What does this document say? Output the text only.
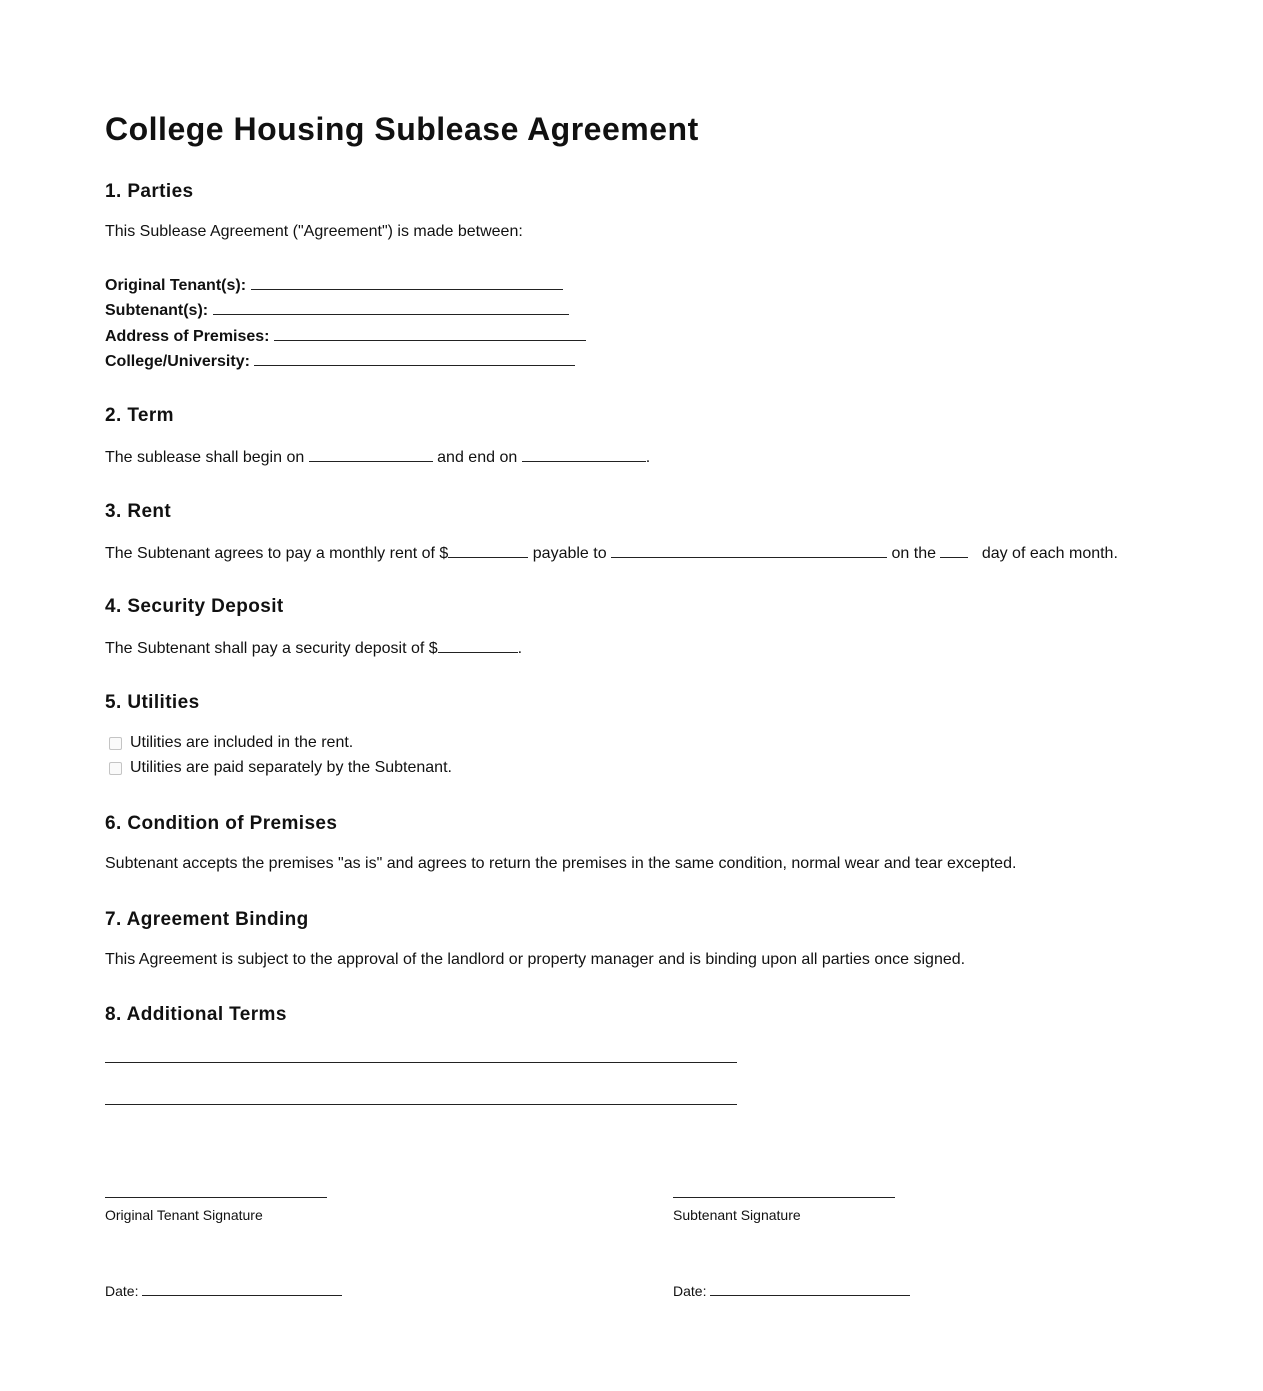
College Housing Sublease Agreement
1. Parties

This Sublease Agreement ("Agreement") is made between:

Original Tenant(s):
Subtenant(s):
Address of Premises:
College/University:
2. Term

The sublease shall begin on	and end on	.

3. Rent

The Subtenant agrees to pay a monthly rent of $	payable to	on the	day of each month.

4. Security Deposit

The Subtenant shall pay a security deposit of $	.

5. Utilities
Utilities are included in the rent.
Utilities are paid separately by the Subtenant.
6. Condition of Premises

Subtenant accepts the premises "as is" and agrees to return the premises in the same condition, normal wear and tear excepted.

7. Agreement Binding

This Agreement is subject to the approval of the landlord or property manager and is binding upon all parties once signed.

8. Additional Terms
Original Tenant Signature	Subtenant Signature
Date:	Date:
